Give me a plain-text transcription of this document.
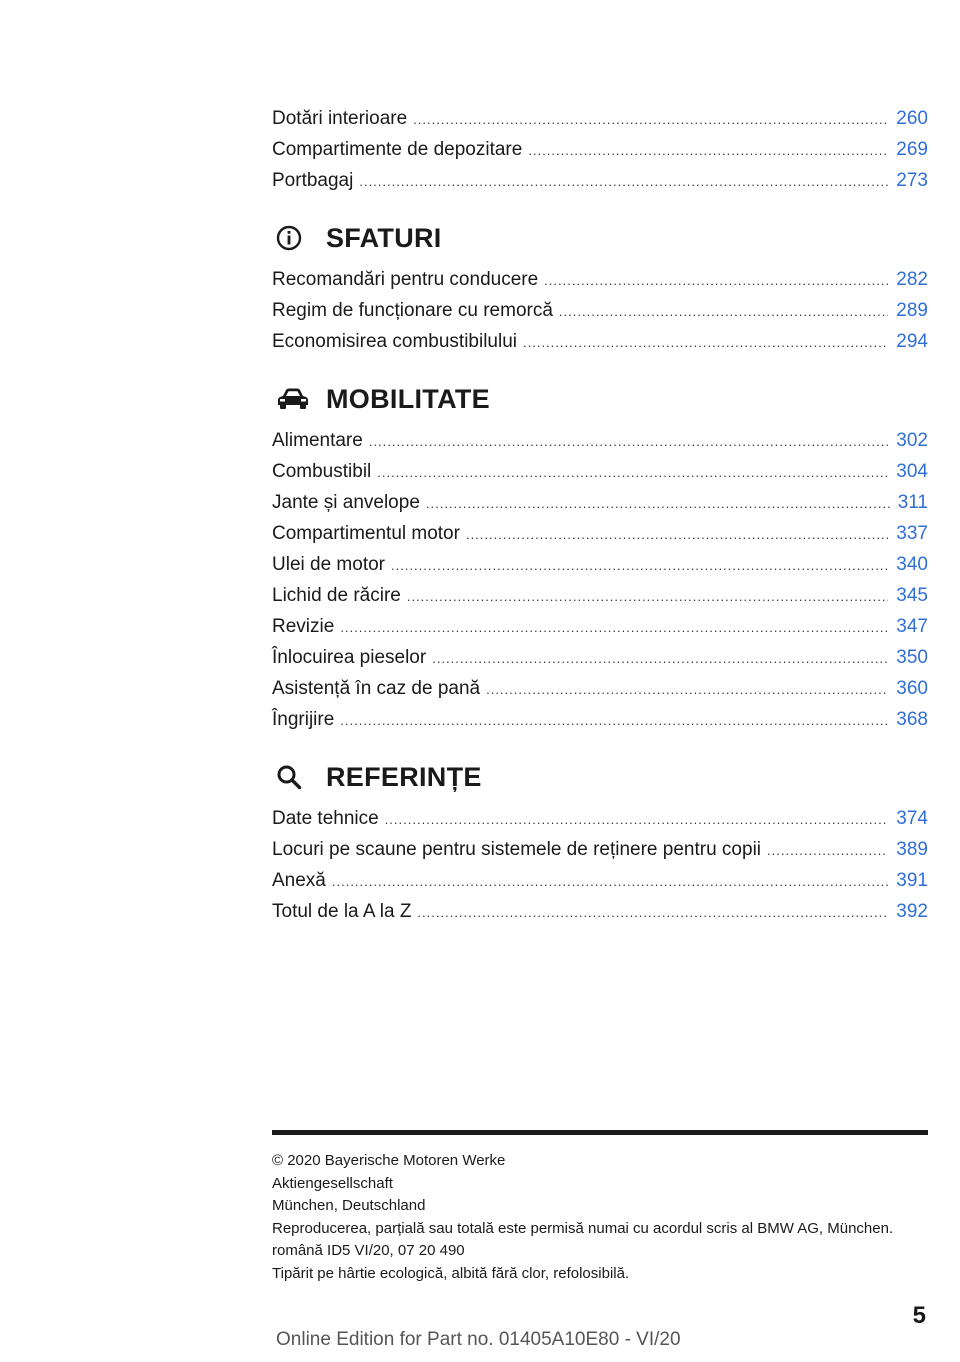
Dotări interioare .....	260
Compartimente de depozitare .....	269
Portbagaj .....	273
SFATURI
Recomandări pentru conducere .....	282
Regim de funcționare cu remorcă .....	289
Economisirea combustibilului .....	294
MOBILITATE
Alimentare .....	302
Combustibil .....	304
Jante și anvelope .....	311
Compartimentul motor .....	337
Ulei de motor .....	340
Lichid de răcire .....	345
Revizie .....	347
Înlocuirea pieselor .....	350
Asistență în caz de pană .....	360
Îngrijire .....	368
REFERINȚE
Date tehnice .....	374
Locuri pe scaune pentru sistemele de reținere pentru copii .....	389
Anexă .....	391
Totul de la A la Z .....	392
© 2020 Bayerische Motoren Werke
Aktiengesellschaft
München, Deutschland
Reproducerea, parțială sau totală este permisă numai cu acordul scris al BMW AG, München.
română ID5 VI/20, 07 20 490
Tipărit pe hârtie ecologică, albită fără clor, refolosibilă.
5
Online Edition for Part no. 01405A10E80 - VI/20
